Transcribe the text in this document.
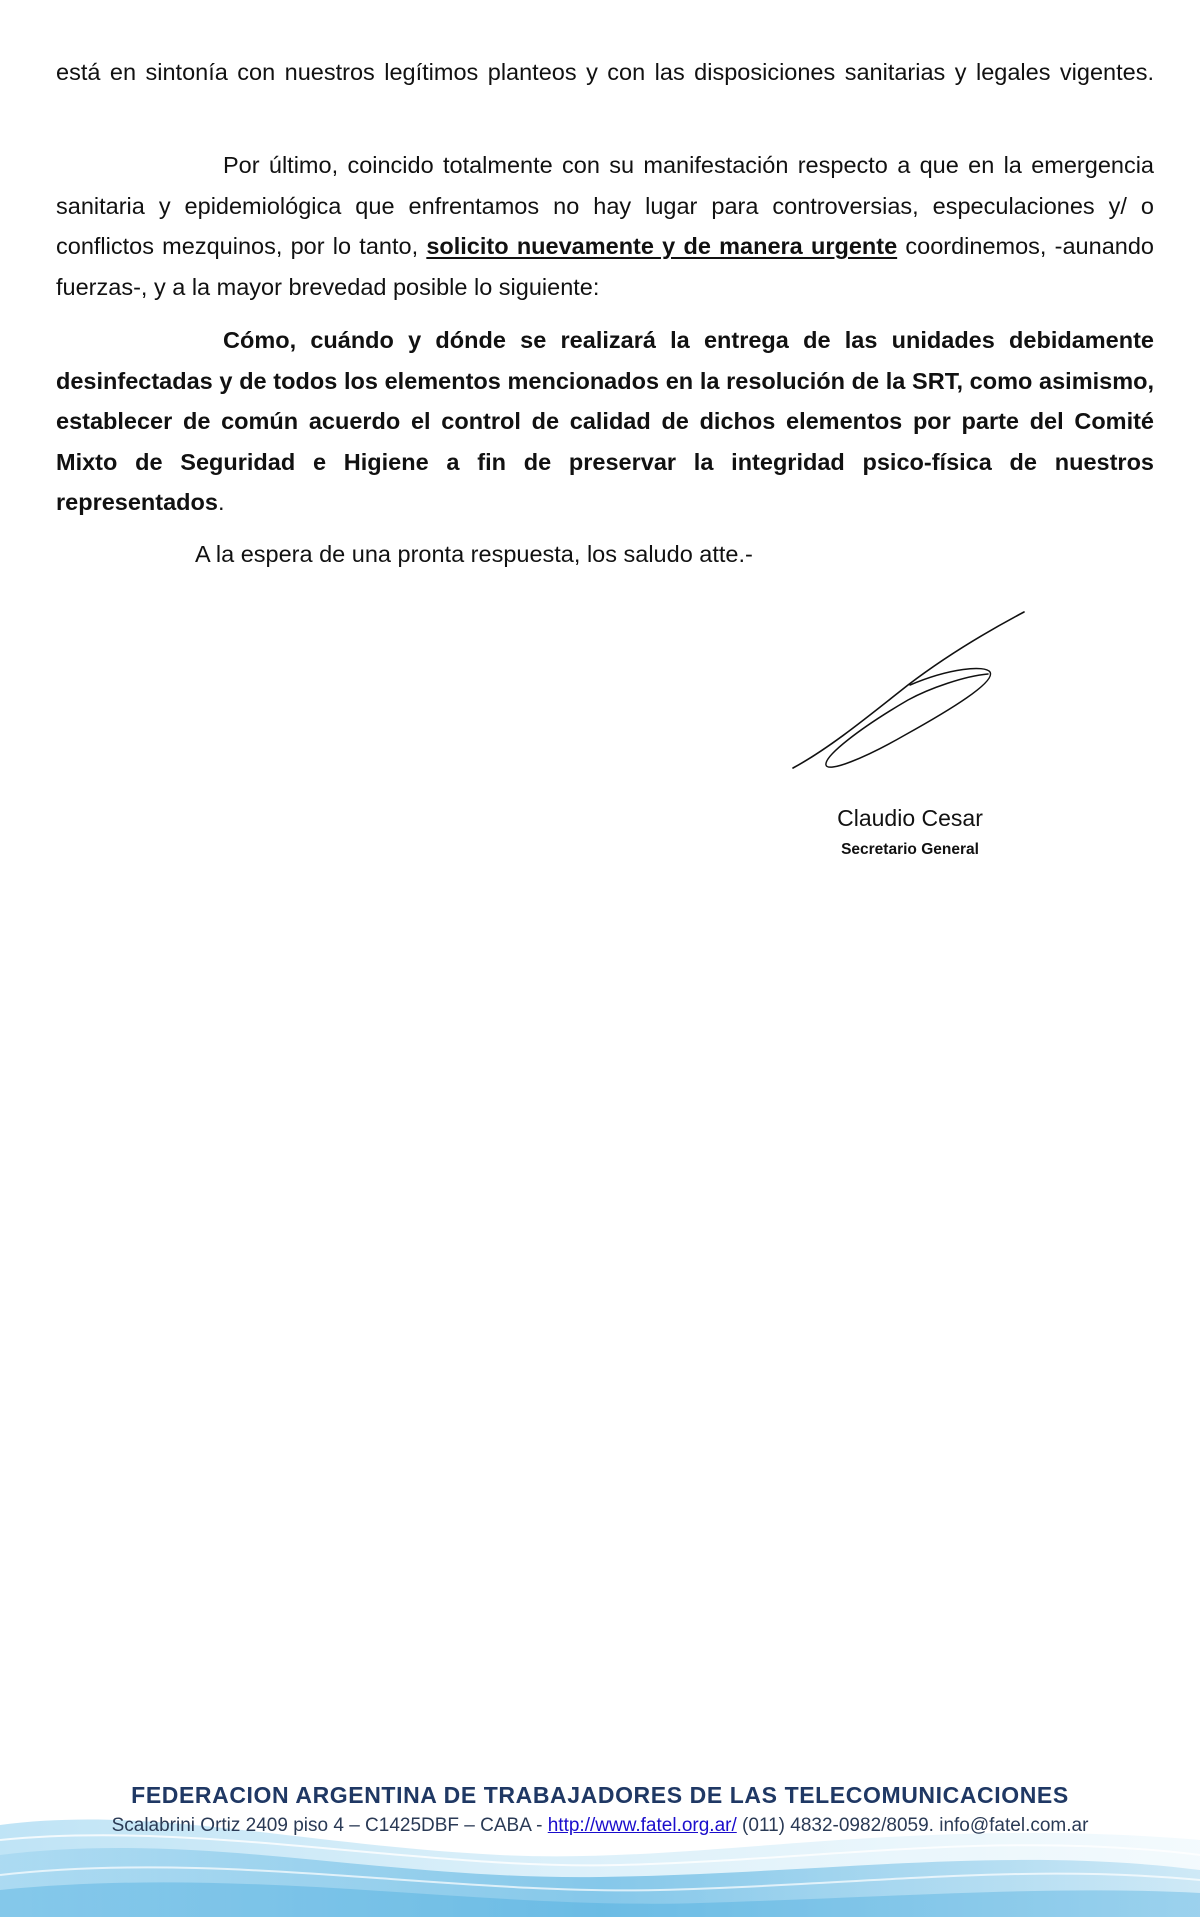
está en sintonía con nuestros legítimos planteos y con las disposiciones sanitarias y legales vigentes.

Por último, coincido totalmente con su manifestación respecto a que en la emergencia sanitaria y epidemiológica que enfrentamos no hay lugar para controversias, especulaciones y/ o conflictos mezquinos, por lo tanto, solicito nuevamente y de manera urgente coordinemos, -aunando fuerzas-, y a la mayor brevedad posible lo siguiente:

Cómo, cuándo y dónde se realizará la entrega de las unidades debidamente desinfectadas y de todos los elementos mencionados en la resolución de la SRT, como asimismo, establecer de común acuerdo el control de calidad de dichos elementos por parte del Comité Mixto de Seguridad e Higiene a fin de preservar la integridad psico-física de nuestros representados.

A la espera de una pronta respuesta, los saludo atte.-

Claudio Cesar
Secretario General
FEDERACION ARGENTINA DE TRABAJADORES DE LAS TELECOMUNICACIONES
Scalabrini Ortiz 2409 piso 4 – C1425DBF – CABA - http://www.fatel.org.ar/ (011) 4832-0982/8059. info@fatel.com.ar
